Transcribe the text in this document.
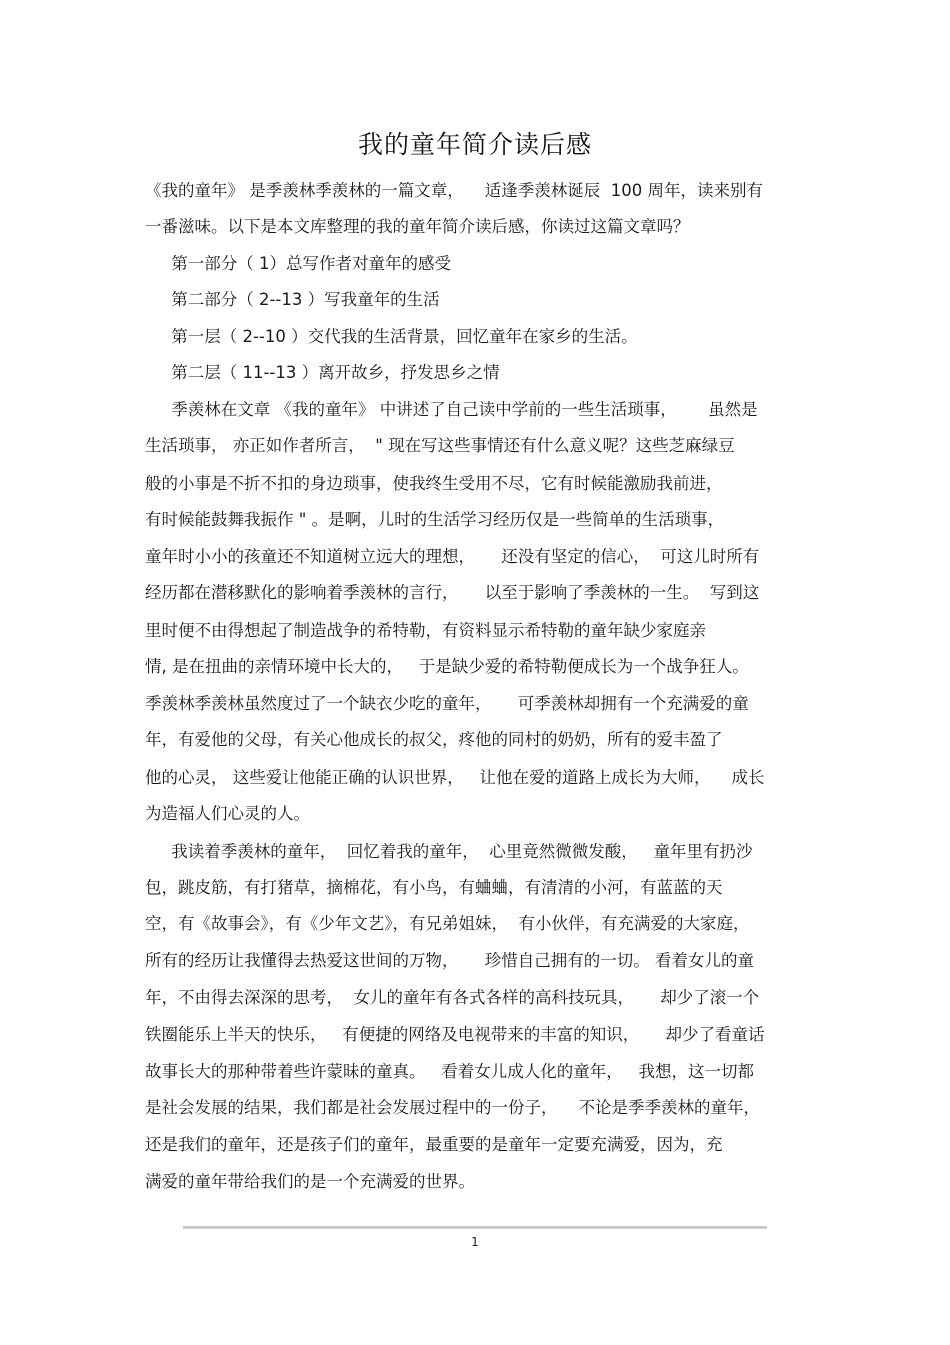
我的童年简介读后感
《我的童年》 是季羡林季羡林的一篇文章，    适逢季羡林诞辰  100 周年，读来别有
一番滋味。以下是本文库整理的我的童年简介读后感，你读过这篇文章吗？
第一部分（ 1）总写作者对童年的感受
第二部分（ 2--13 ）写我童年的生活
第一层（ 2--10 ）交代我的生活背景，回忆童年在家乡的生活。
第二层（ 11--13 ）离开故乡，抒发思乡之情
季羡林在文章 《我的童年》 中讲述了自己读中学前的一些生活琐事，      虽然是
生活琐事， 亦正如作者所言，  " 现在写这些事情还有什么意义呢？这些芝麻绿豆
般的小事是不折不扣的身边琐事，使我终生受用不尽，它有时候能激励我前进，
有时候能鼓舞我振作 " 。是啊，儿时的生活学习经历仅是一些简单的生活琐事，
童年时小小的孩童还不知道树立远大的理想，     还没有坚定的信心，  可这儿时所有
经历都在潜移默化的影响着季羡林的言行，     以至于影响了季羡林的一生。  写到这
里时便不由得想起了制造战争的希特勒，有资料显示希特勒的童年缺少家庭亲
情, 是在扭曲的亲情环境中长大的，   于是缺少爱的希特勒便成长为一个战争狂人。
季羡林季羡林虽然度过了一个缺衣少吃的童年，     可季羡林却拥有一个充满爱的童
年，有爱他的父母，有关心他成长的叔父，疼他的同村的奶奶，所有的爱丰盈了
他的心灵， 这些爱让他能正确的认识世界，   让他在爱的道路上成长为大师，    成长
为造福人们心灵的人。
我读着季羡林的童年，  回忆着我的童年，  心里竟然微微发酸，   童年里有扔沙
包，跳皮筋，有打猪草，摘棉花，有小鸟，有蛐蛐，有清清的小河，有蓝蓝的天
空，有《故事会》，有《少年文艺》，有兄弟姐妹，  有小伙伴，有充满爱的大家庭，
所有的经历让我懂得去热爱这世间的万物，     珍惜自己拥有的一切。 看着女儿的童
年，不由得去深深的思考，  女儿的童年有各式各样的高科技玩具，     却少了滚一个
铁圈能乐上半天的快乐，   有便捷的网络及电视带来的丰富的知识，     却少了看童话
故事长大的那种带着些许蒙昧的童真。   看着女儿成人化的童年，   我想，这一切都
是社会发展的结果，我们都是社会发展过程中的一份子，    不论是季季羡林的童年，
还是我们的童年，还是孩子们的童年，最重要的是童年一定要充满爱，因为，充
满爱的童年带给我们的是一个充满爱的世界。
1
